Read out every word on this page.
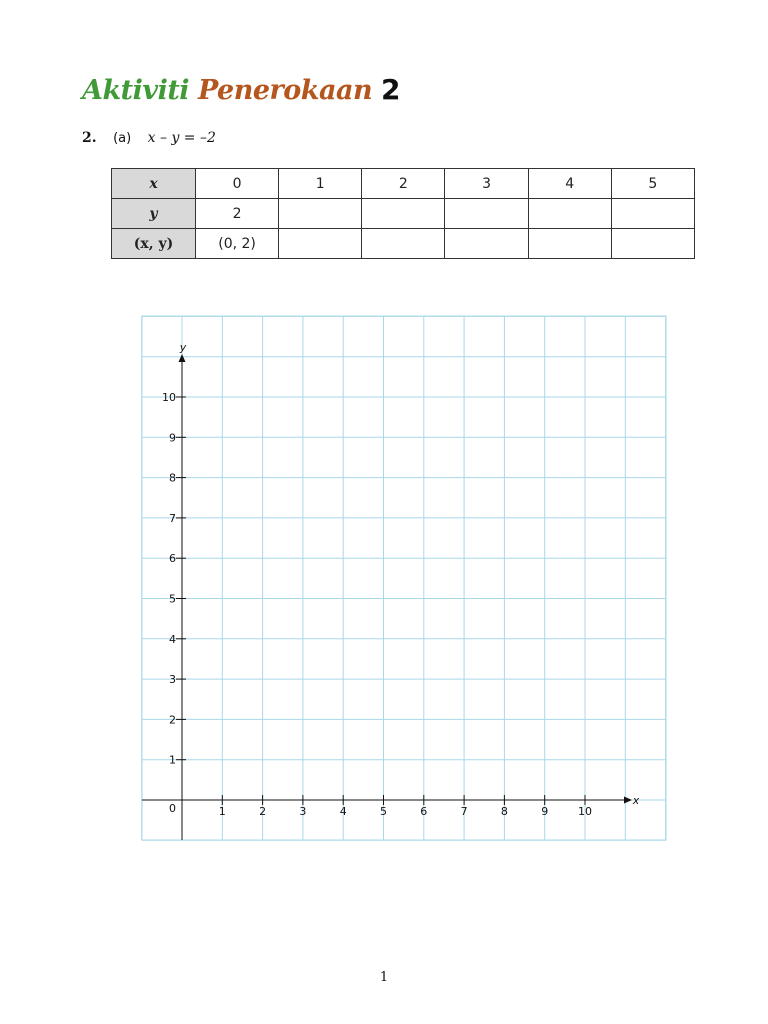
Aktiviti Penerokaan 2
2. (a) x – y = –2
x	0	1	2	3	4	5
y	2					
(x, y)	(0, 2)					
1	2	3	4	5	6	7	8	9	10
1
2
3
4
5
6
7
8
9
10
0
x
y
1
